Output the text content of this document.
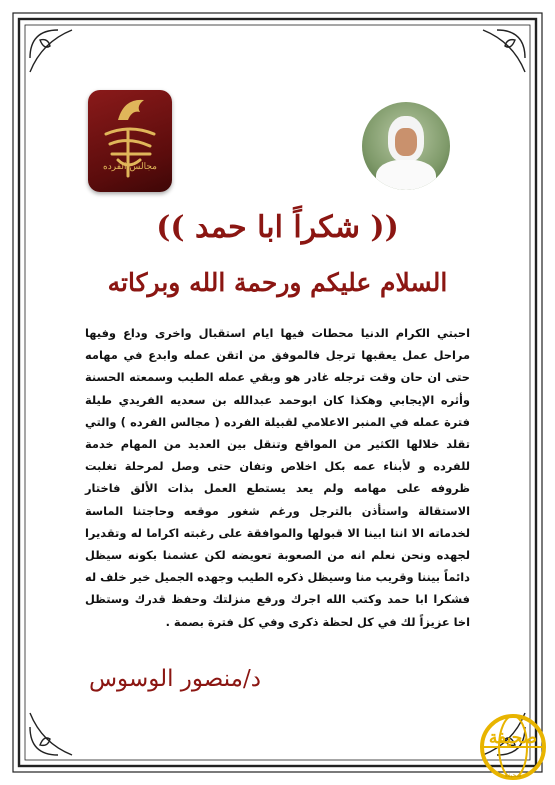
مجالس الفرده
(( شكراً ابا حمد ))
السلام عليكم ورحمة الله وبركاته

احبتي الكرام الدنيا محطات فيها ايام استقبال واخرى وداع وفيها مراحل عمل يعقبها ترجل فالموفق من اتقن عمله وابدع في مهامه حتى ان حان وقت ترجله غادر هو وبقي عمله الطيب وسمعته الحسنة وأثره الإيجابي وهكذا كان ابوحمد عبدالله بن سعديه الفريدي طيلة فترة عمله في المنبر الاعلامي لقبيلة الفرده ( مجالس الفرده ) والتي تقلد خلالها الكثير من المواقع وتنقل بين العديد من المهام خدمة للفرده و لأبناء عمه بكل اخلاص وتفان حتى وصل لمرحلة تغلبت ظروفه على مهامه ولم يعد يستطع العمل بذات الألق فاختار الاستقالة واستأذن بالترجل ورغم شغور موقعه وحاجتنا الماسة لخدماته الا اننا ابينا الا قبولها والموافقة على رغبته اكراما له وتقديرا لجهده ونحن نعلم انه من الصعوبة تعويضه لكن عشمنا بكونه سيظل دائماً بيننا وقريب منا وسيظل ذكره الطيب وجهده الجميل خير خلف له فشكرا ابا حمد وكتب الله اجرك ورفع منزلتك وحفظ قدرك وستظل اخا عزيزاً لك في كل لحظة ذكرى وفي كل فترة بصمة .

د/منصور الوسوس

صحيفة
صحيفة
